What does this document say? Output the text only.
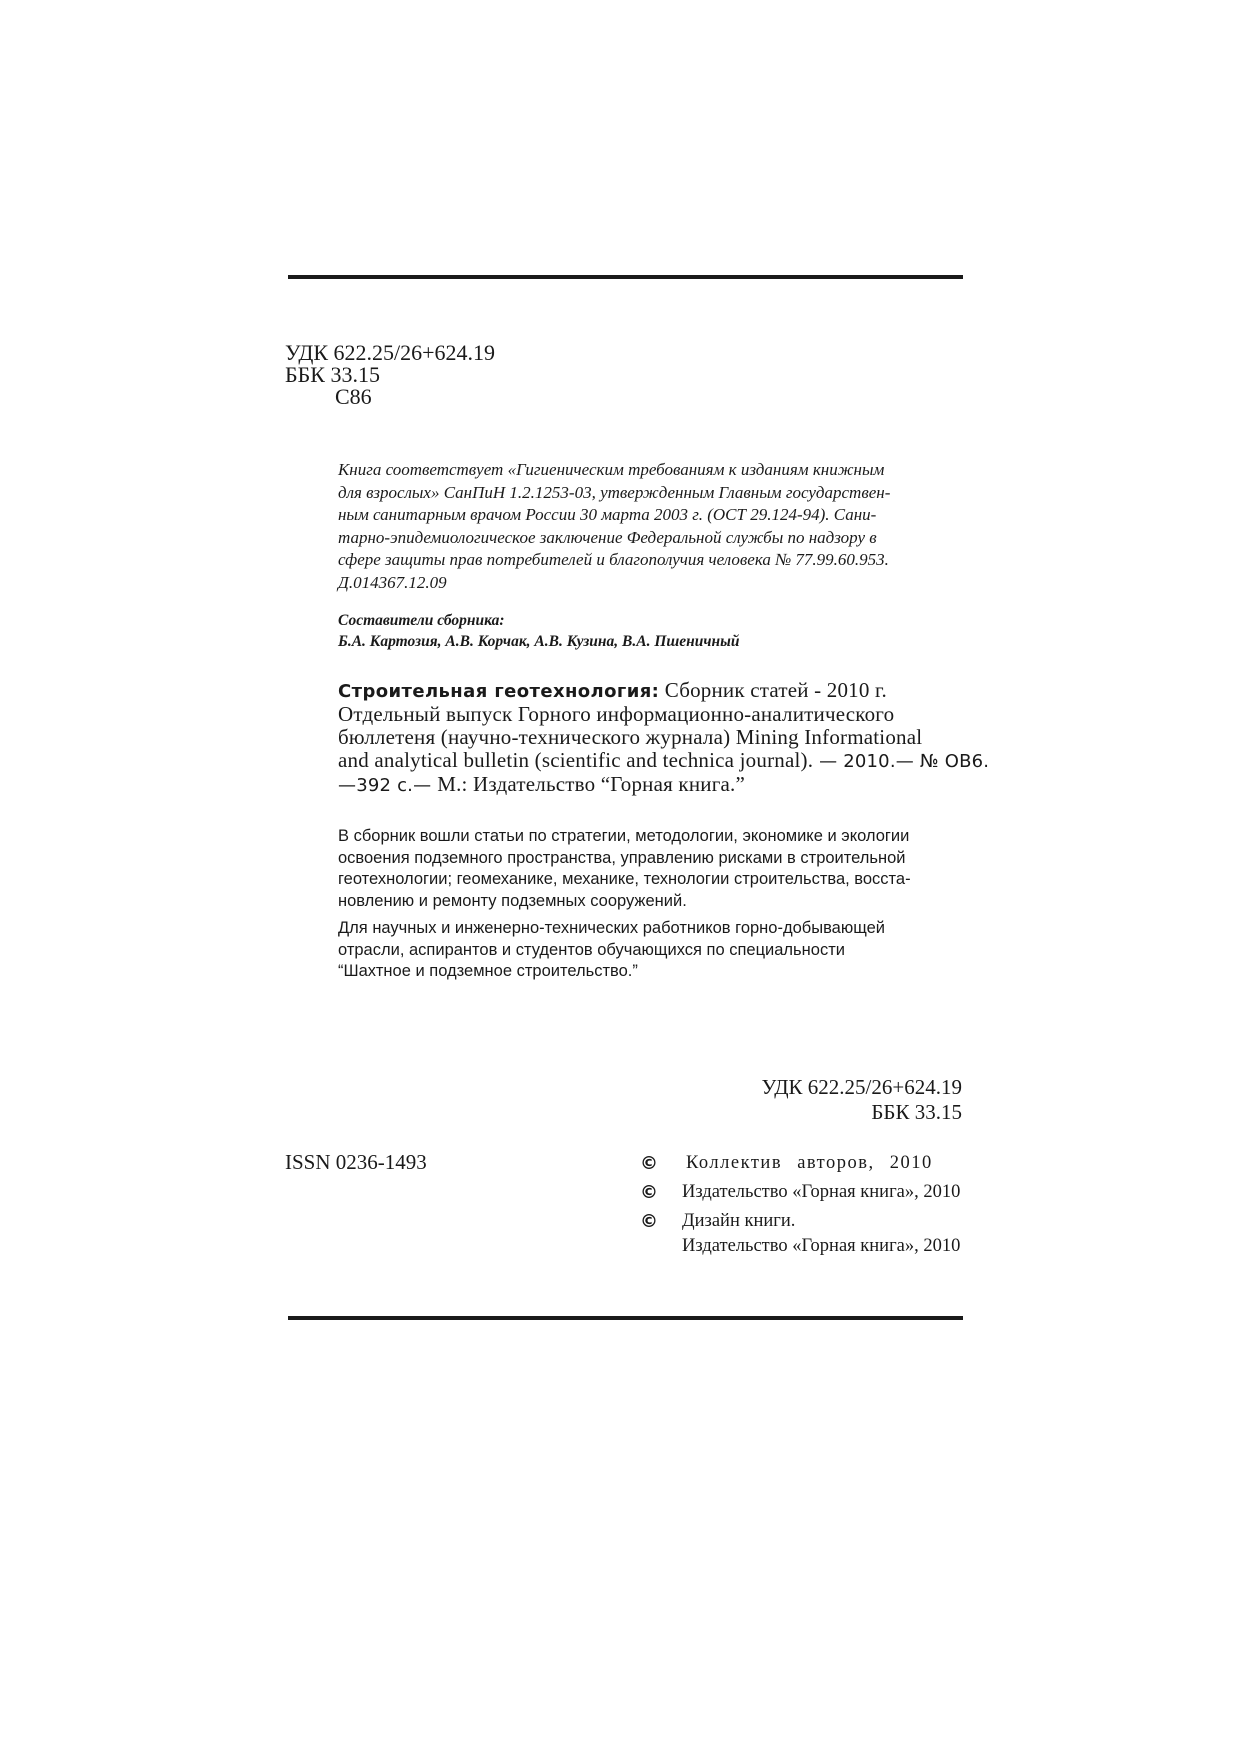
УДК 622.25/26+624.19
ББК 33.15
С86
Книга соответствует «Гигиеническим требованиям к изданиям книжным
для взрослых» СанПиН 1.2.1253-03, утвержденным Главным государствен-
ным санитарным врачом России 30 марта 2003 г. (ОСТ 29.124-94). Сани-
тарно-эпидемиологическое заключение Федеральной службы по надзору в
сфере защиты прав потребителей и благополучия человека № 77.99.60.953.
Д.014367.12.09
Составители сборника:
Б.А. Картозия, А.В. Корчак, А.В. Кузина, В.А. Пшеничный
Строительная геотехнология: Сборник статей - 2010 г.
Отдельный выпуск Горного информационно-аналитического
бюллетеня (научно-технического журнала) Mining Informational
and analytical bulletin (scientific and technica journal). — 2010.— № ОВ6.
—392 с.— М.: Издательство “Горная книга.”
В сборник вошли статьи по стратегии, методологии, экономике и экологии
освоения подземного пространства, управлению рисками в строительной
геотехнологии; геомеханике, механике, технологии строительства, восста-
новлению и ремонту подземных сооружений.
Для научных и инженерно-технических работников горно-добывающей
отрасли, аспирантов и студентов обучающихся по специальности
“Шахтное и подземное строительство.”
УДК 622.25/26+624.19
ББК 33.15
ISSN 0236-1493	© Коллектив авторов, 2010
© Издательство «Горная книга», 2010
© Дизайн книги.
Издательство «Горная книга», 2010
